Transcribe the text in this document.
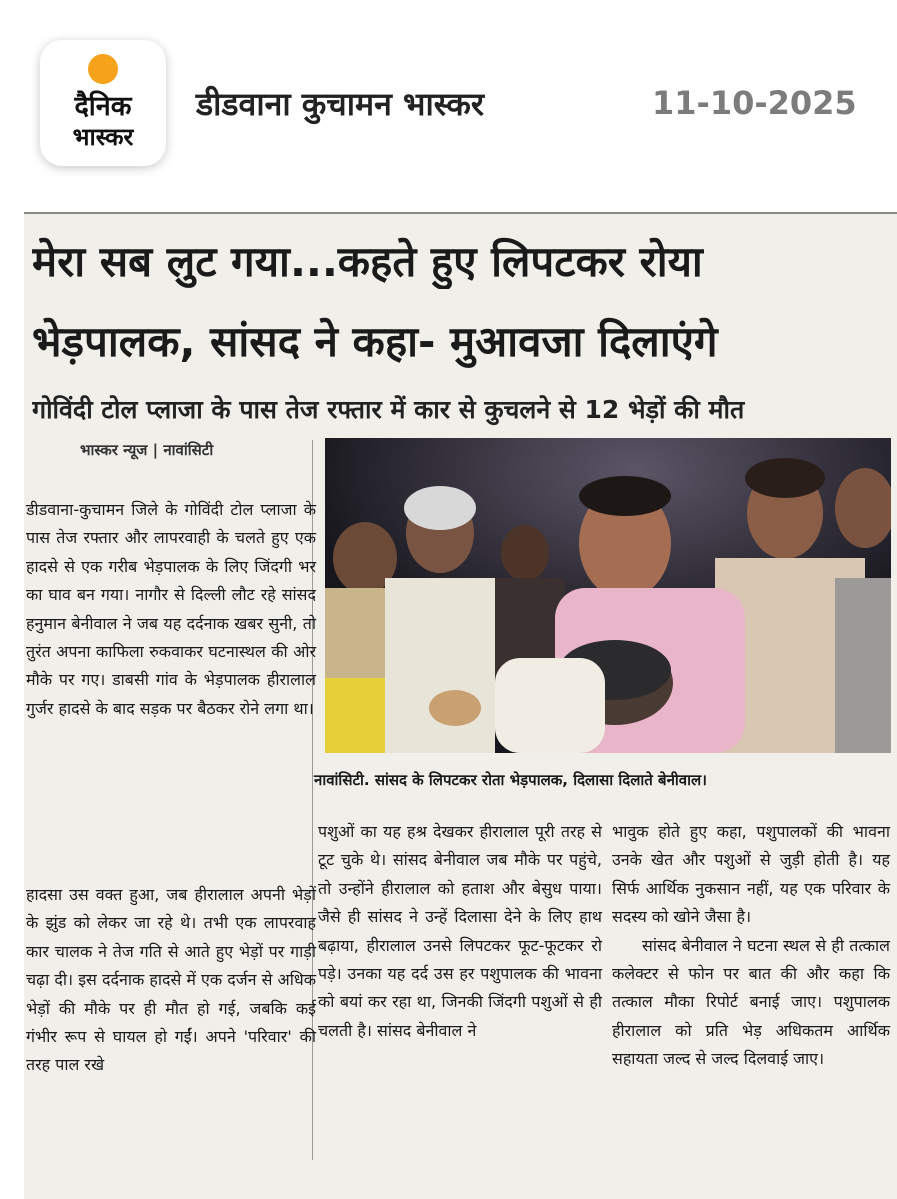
दैनिक
भास्कर
डीडवाना कुचामन भास्कर	11-10-2025
मेरा सब लुट गया...कहते हुए लिपटकर रोया
भेड़पालक, सांसद ने कहा- मुआवजा दिलाएंगे
गोविंदी टोल प्लाजा के पास तेज रफ्तार में कार से कुचलने से 12 भेड़ों की मौत
भास्कर न्यूज | नावांसिटी
नावांसिटी. सांसद के लिपटकर रोता भेड़पालक, दिलासा दिलाते बेनीवाल।

डीडवाना-कुचामन जिले के गोविंदी टोल प्लाजा के पास तेज रफ्तार और लापरवाही के चलते हुए एक हादसे से एक गरीब भेड़पालक के लिए जिंदगी भर का घाव बन गया। नागौर से दिल्ली लौट रहे सांसद हनुमान बेनीवाल ने जब यह दर्दनाक खबर सुनी, तो तुरंत अपना काफिला रुकवाकर घटनास्थल की ओर मौके पर गए। डाबसी गांव के भेड़पालक हीरालाल गुर्जर हादसे के बाद सड़क पर बैठकर रोने लगा था।

हादसा उस वक्त हुआ, जब हीरालाल अपनी भेड़ों के झुंड को लेकर जा रहे थे। तभी एक लापरवाह कार चालक ने तेज गति से आते हुए भेड़ों पर गाड़ी चढ़ा दी। इस दर्दनाक हादसे में एक दर्जन से अधिक भेड़ों की मौके पर ही मौत हो गई, जबकि कई गंभीर रूप से घायल हो गईं। अपने 'परिवार' की तरह पाल रखे

पशुओं का यह हश्र देखकर हीरालाल पूरी तरह से टूट चुके थे। सांसद बेनीवाल जब मौके पर पहुंचे, तो उन्होंने हीरालाल को हताश और बेसुध पाया। जैसे ही सांसद ने उन्हें दिलासा देने के लिए हाथ बढ़ाया, हीरालाल उनसे लिपटकर फूट-फूटकर रो पड़े। उनका यह दर्द उस हर पशुपालक की भावना को बयां कर रहा था, जिनकी जिंदगी पशुओं से ही चलती है। सांसद बेनीवाल ने

भावुक होते हुए कहा, पशुपालकों की भावना उनके खेत और पशुओं से जुड़ी होती है। यह सिर्फ आर्थिक नुकसान नहीं, यह एक परिवार के सदस्य को खोने जैसा है।

सांसद बेनीवाल ने घटना स्थल से ही तत्काल कलेक्टर से फोन पर बात की और कहा कि तत्काल मौका रिपोर्ट बनाई जाए। पशुपालक हीरालाल को प्रति भेड़ अधिकतम आर्थिक सहायता जल्द से जल्द दिलवाई जाए।
